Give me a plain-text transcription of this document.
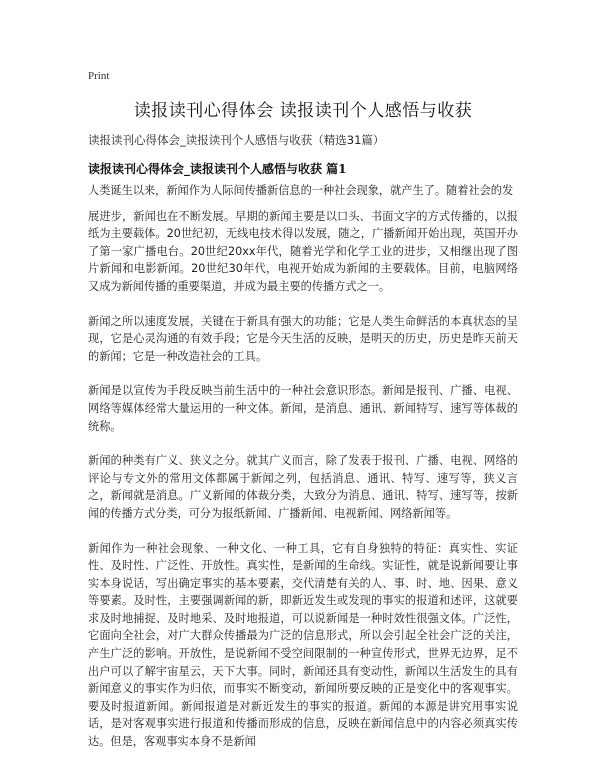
Print
读报读刊心得体会 读报读刊个人感悟与收获
读报读刊心得体会_读报读刊个人感悟与收获（精选31篇）
读报读刊心得体会_读报读刊个人感悟与收获 篇1

人类诞生以来，新闻作为人际间传播新信息的一种社会现象，就产生了。随着社会的发

展进步，新闻也在不断发展。早期的新闻主要是以口头、书面文字的方式传播的，以报纸为主要载体。20世纪初，无线电技术得以发展，随之，广播新闻开始出现，英国开办了第一家广播电台。20世纪20xx年代，随着光学和化学工业的进步，又相继出现了图片新闻和电影新闻。20世纪30年代，电视开始成为新闻的主要载体。目前，电脑网络又成为新闻传播的重要渠道，并成为最主要的传播方式之一。

新闻之所以速度发展，关键在于新具有强大的功能；它是人类生命鲜活的本真状态的呈现，它是心灵沟通的有效手段；它是今天生活的反映，是明天的历史，历史是昨天前天的新闻；它是一种改造社会的工具。

新闻是以宣传为手段反映当前生活中的一种社会意识形态。新闻是报刊、广播、电视、网络等媒体经常大量运用的一种文体。新闻，是消息、通讯、新闻特写、速写等体裁的统称。

新闻的种类有广义、狭义之分。就其广义而言，除了发表于报刊、广播、电视、网络的评论与专文外的常用文体都属于新闻之列，包括消息、通讯、特写、速写等，狭义言之，新闻就是消息。广义新闻的体裁分类，大致分为消息、通讯、特写、速写等，按新闻的传播方式分类，可分为报纸新闻、广播新闻、电视新闻、网络新闻等。

新闻作为一种社会现象、一种文化、一种工具，它有自身独特的特征：真实性、实证性、及时性、广泛性、开放性。真实性，是新闻的生命线。实证性，就是说新闻要让事实本身说话，写出确定事实的基本要素，交代清楚有关的人、事、时、地、因果、意义等要素。及时性，主要强调新闻的新，即新近发生或发现的事实的报道和述评，这就要求及时地捕捉、及时地采、及时地报道，可以说新闻是一种时效性很强文体。广泛性，它面向全社会，对广大群众传播最为广泛的信息形式，所以会引起全社会广泛的关注，产生广泛的影响。开放性，是说新闻不受空间限制的一种宣传形式，世界无边界，足不出户可以了解宇宙星云，天下大事。同时，新闻还具有变动性，新闻以生活发生的具有新闻意义的事实作为归依，而事实不断变动，新闻所要反映的正是变化中的客观事实。 要及时报道新闻。新闻报道是对新近发生的事实的报道。新闻的本源是讲究用事实说话，是对客观事实进行报道和传播而形成的信息，反映在新闻信息中的内容必须真实传达。但是，客观事实本身不是新闻
